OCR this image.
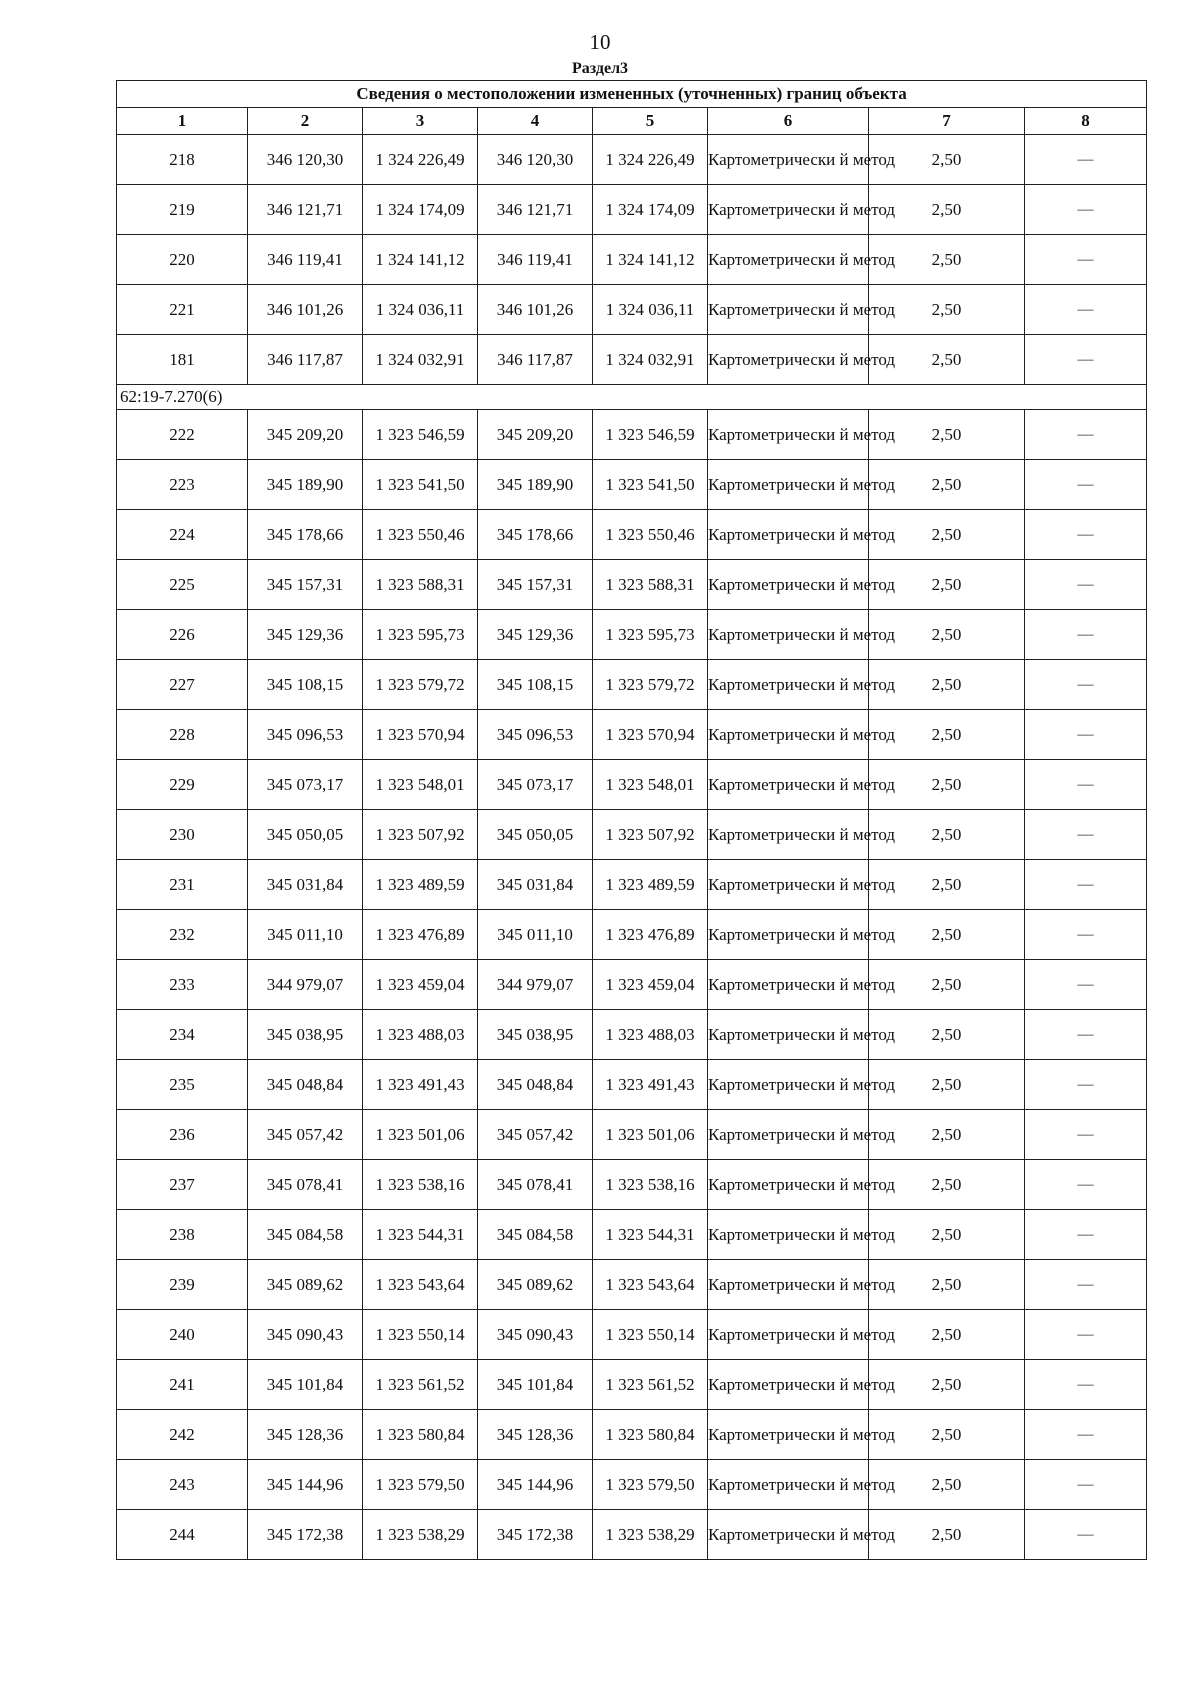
10
Раздел3
Сведения о местоположении измененных (уточненных) границ объекта							
1	2	3	4	5	6	7	8
218	346 120,30	1 324 226,49	346 120,30	1 324 226,49	Картометрически й метод	2,50	—
219	346 121,71	1 324 174,09	346 121,71	1 324 174,09	Картометрически й метод	2,50	—
220	346 119,41	1 324 141,12	346 119,41	1 324 141,12	Картометрически й метод	2,50	—
221	346 101,26	1 324 036,11	346 101,26	1 324 036,11	Картометрически й метод	2,50	—
181	346 117,87	1 324 032,91	346 117,87	1 324 032,91	Картометрически й метод	2,50	—
62:19-7.270(6)							
222	345 209,20	1 323 546,59	345 209,20	1 323 546,59	Картометрически й метод	2,50	—
223	345 189,90	1 323 541,50	345 189,90	1 323 541,50	Картометрически й метод	2,50	—
224	345 178,66	1 323 550,46	345 178,66	1 323 550,46	Картометрически й метод	2,50	—
225	345 157,31	1 323 588,31	345 157,31	1 323 588,31	Картометрически й метод	2,50	—
226	345 129,36	1 323 595,73	345 129,36	1 323 595,73	Картометрически й метод	2,50	—
227	345 108,15	1 323 579,72	345 108,15	1 323 579,72	Картометрически й метод	2,50	—
228	345 096,53	1 323 570,94	345 096,53	1 323 570,94	Картометрически й метод	2,50	—
229	345 073,17	1 323 548,01	345 073,17	1 323 548,01	Картометрически й метод	2,50	—
230	345 050,05	1 323 507,92	345 050,05	1 323 507,92	Картометрически й метод	2,50	—
231	345 031,84	1 323 489,59	345 031,84	1 323 489,59	Картометрически й метод	2,50	—
232	345 011,10	1 323 476,89	345 011,10	1 323 476,89	Картометрически й метод	2,50	—
233	344 979,07	1 323 459,04	344 979,07	1 323 459,04	Картометрически й метод	2,50	—
234	345 038,95	1 323 488,03	345 038,95	1 323 488,03	Картометрически й метод	2,50	—
235	345 048,84	1 323 491,43	345 048,84	1 323 491,43	Картометрически й метод	2,50	—
236	345 057,42	1 323 501,06	345 057,42	1 323 501,06	Картометрически й метод	2,50	—
237	345 078,41	1 323 538,16	345 078,41	1 323 538,16	Картометрически й метод	2,50	—
238	345 084,58	1 323 544,31	345 084,58	1 323 544,31	Картометрически й метод	2,50	—
239	345 089,62	1 323 543,64	345 089,62	1 323 543,64	Картометрически й метод	2,50	—
240	345 090,43	1 323 550,14	345 090,43	1 323 550,14	Картометрически й метод	2,50	—
241	345 101,84	1 323 561,52	345 101,84	1 323 561,52	Картометрически й метод	2,50	—
242	345 128,36	1 323 580,84	345 128,36	1 323 580,84	Картометрически й метод	2,50	—
243	345 144,96	1 323 579,50	345 144,96	1 323 579,50	Картометрически й метод	2,50	—
244	345 172,38	1 323 538,29	345 172,38	1 323 538,29	Картометрически й метод	2,50	—
